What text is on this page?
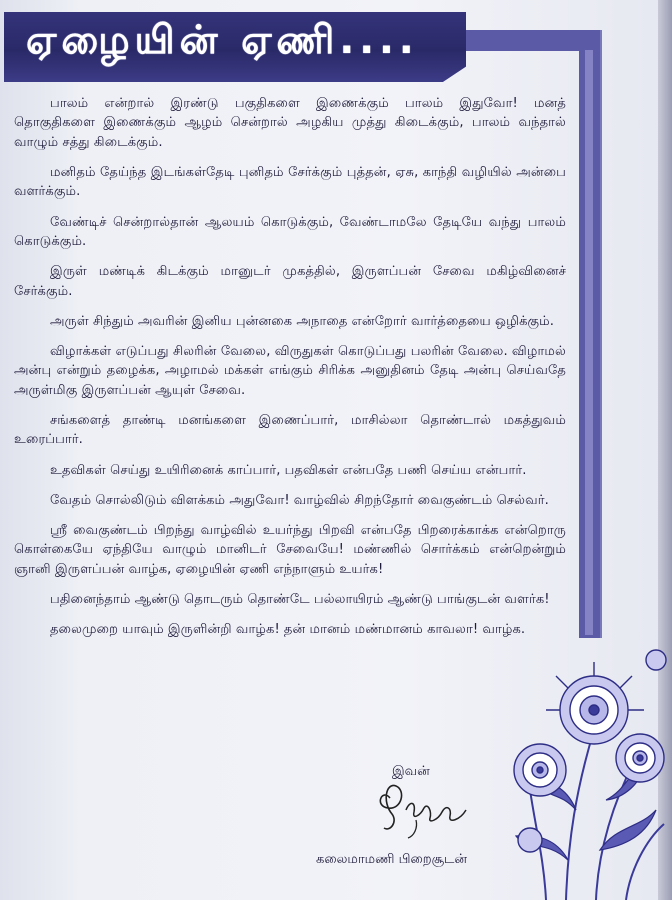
ஏழையின் ஏணி....

பாலம் என்றால் இரண்டு பகுதிகளை இணைக்கும் பாலம் இதுவோ! மனத் தொகுதிகளை இணைக்கும் ஆழம் சென்றால் அழகிய முத்து கிடைக்கும், பாலம் வந்தால் வாழும் சத்து கிடைக்கும்.

மனிதம் தேய்ந்த இடங்கள்தேடி புனிதம் சேர்க்கும் புத்தன், ஏசு, காந்தி வழியில் அன்பை வளர்க்கும்.

வேண்டிச் சென்றால்தான் ஆலயம் கொடுக்கும், வேண்டாமலே தேடியே வந்து பாலம் கொடுக்கும்.

இருள் மண்டிக் கிடக்கும் மானுடர் முகத்தில், இருளப்பன் சேவை மகிழ்வினைச் சேர்க்கும்.

அருள் சிந்தும் அவரின் இனிய புன்னகை அநாதை என்றோர் வார்த்தையை ஒழிக்கும்.

விழாக்கள் எடுப்பது சிலரின் வேலை, விருதுகள் கொடுப்பது பலரின் வேலை. விழாமல் அன்பு என்றும் தழைக்க, அழாமல் மக்கள் எங்கும் சிரிக்க அனுதினம் தேடி அன்பு செய்வதே அருள்மிகு இருளப்பன் ஆயுள் சேவை.

சங்களைத் தாண்டி மனங்களை இணைப்பார், மாசில்லா தொண்டால் மகத்துவம் உரைப்பார்.

உதவிகள் செய்து உயிரினைக் காப்பார், பதவிகள் என்பதே பணி செய்ய என்பார்.

வேதம் சொல்லிடும் விளக்கம் அதுவோ! வாழ்வில் சிறந்தோர் வைகுண்டம் செல்வர்.

ஸ்ரீ வைகுண்டம் பிறந்து வாழ்வில் உயர்ந்து பிறவி என்பதே பிறரைக்காக்க என்றொரு கொள்கையே ஏந்தியே வாழும் மானிடர் சேவையே! மண்ணில் சொர்க்கம் என்றென்றும் ஞானி இருளப்பன் வாழ்க, ஏழையின் ஏணி எந்நாளும் உயர்க!

பதினைந்தாம் ஆண்டு தொடரும் தொண்டே பல்லாயிரம் ஆண்டு பாங்குடன் வளர்க!

தலைமுறை யாவும் இருளின்றி வாழ்க! தன் மானம் மண்மானம் காவலா! வாழ்க.

இவன்
கலைமாமணி பிறைசூடன்
